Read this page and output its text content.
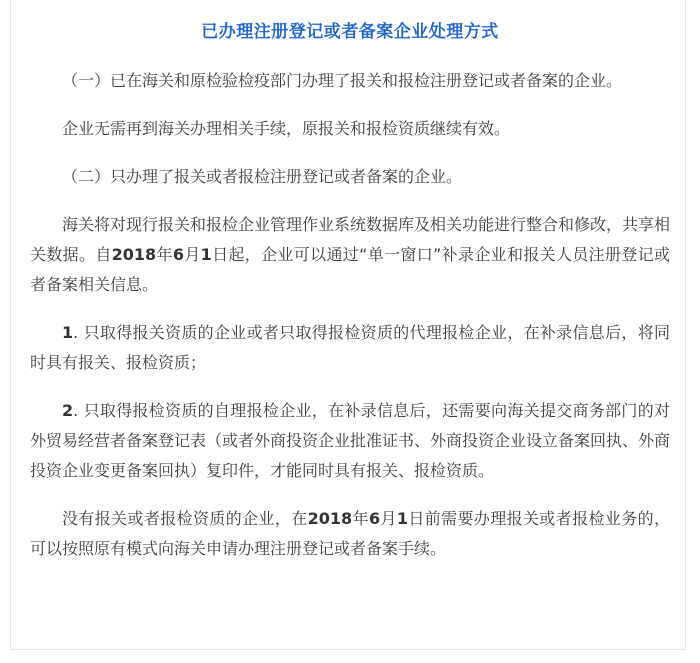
已办理注册登记或者备案企业处理方式

（一）已在海关和原检验检疫部门办理了报关和报检注册登记或者备案的企业。

企业无需再到海关办理相关手续，原报关和报检资质继续有效。

（二）只办理了报关或者报检注册登记或者备案的企业。

海关将对现行报关和报检企业管理作业系统数据库及相关功能进行整合和修改，共享相关数据。自2018年6月1日起，企业可以通过“单一窗口”补录企业和报关人员注册登记或者备案相关信息。

1. 只取得报关资质的企业或者只取得报检资质的代理报检企业，在补录信息后，将同时具有报关、报检资质；

2. 只取得报检资质的自理报检企业，在补录信息后，还需要向海关提交商务部门的对外贸易经营者备案登记表（或者外商投资企业批准证书、外商投资企业设立备案回执、外商投资企业变更备案回执）复印件，才能同时具有报关、报检资质。

没有报关或者报检资质的企业，在2018年6月1日前需要办理报关或者报检业务的，可以按照原有模式向海关申请办理注册登记或者备案手续。
